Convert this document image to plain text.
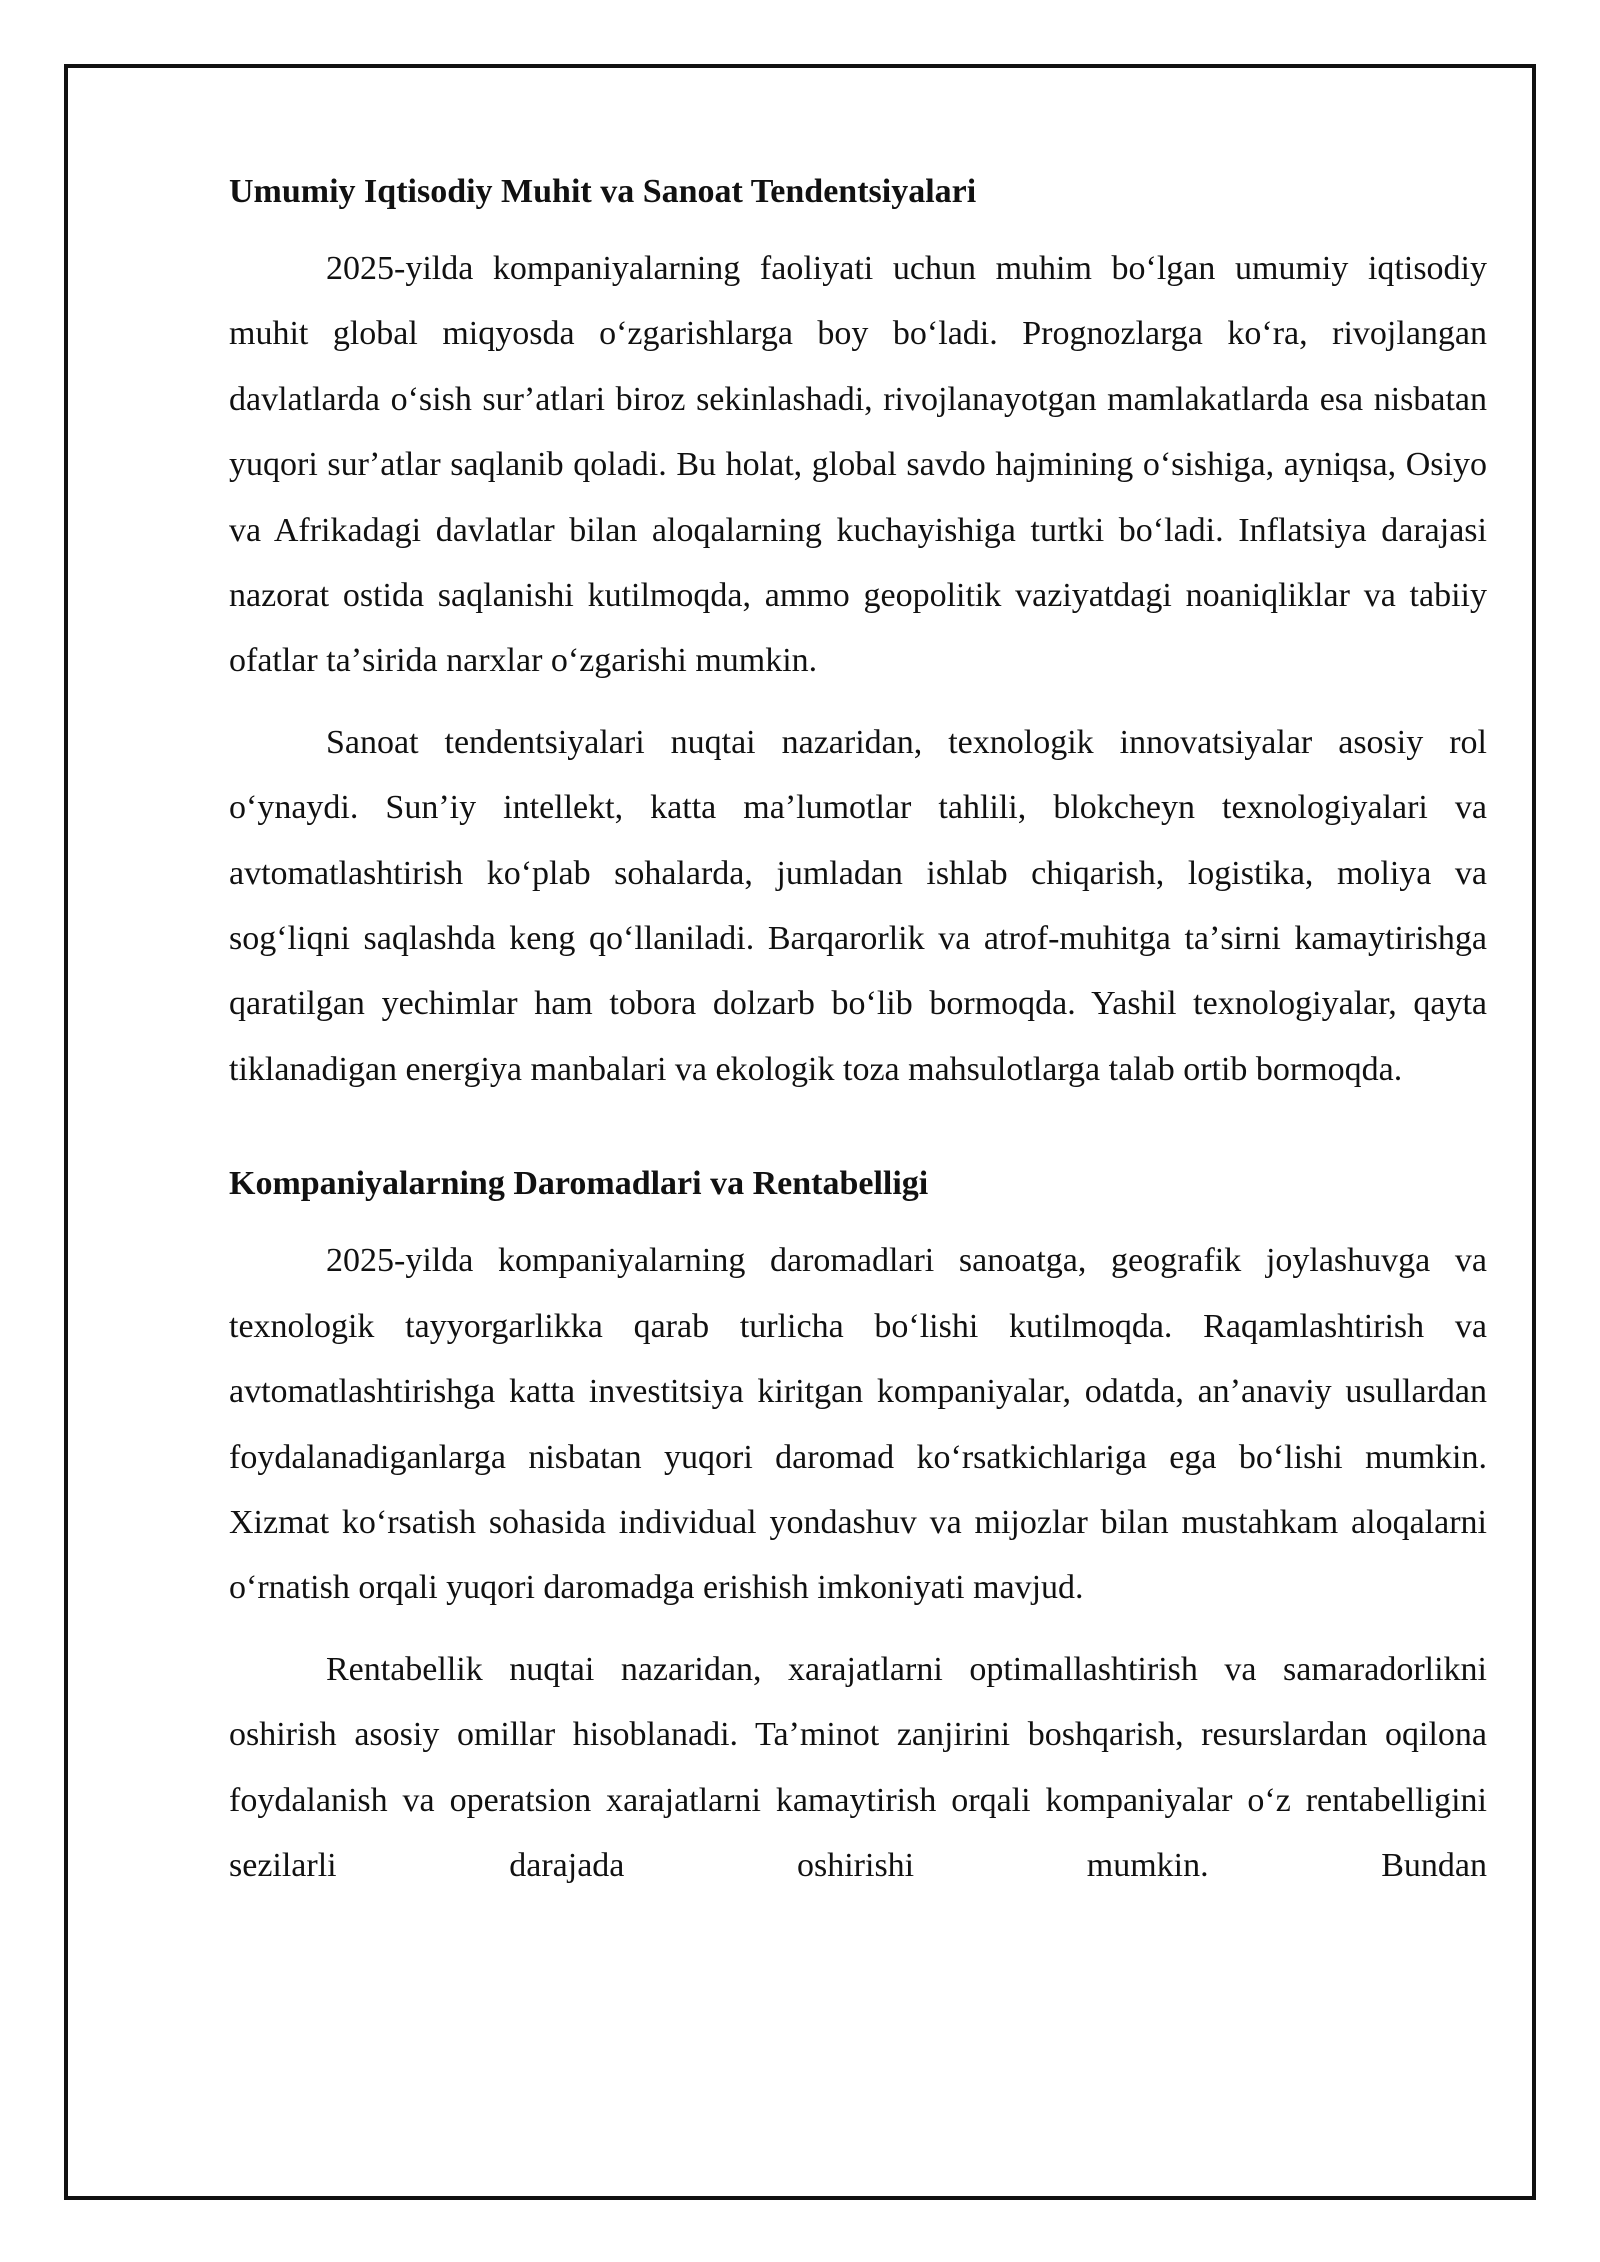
Umumiy Iqtisodiy Muhit va Sanoat Tendentsiyalari

2025-yilda kompaniyalarning faoliyati uchun muhim boʻlgan umumiy iqtisodiy muhit global miqyosda oʻzgarishlarga boy boʻladi. Prognozlarga koʻra, rivojlangan davlatlarda oʻsish surʼatlari biroz sekinlashadi, rivojlanayotgan mamlakatlarda esa nisbatan yuqori surʼatlar saqlanib qoladi. Bu holat, global savdo hajmining oʻsishiga, ayniqsa, Osiyo va Afrikadagi davlatlar bilan aloqalarning kuchayishiga turtki boʻladi. Inflatsiya darajasi nazorat ostida saqlanishi kutilmoqda, ammo geopolitik vaziyatdagi noaniqliklar va tabiiy ofatlar taʼsirida narxlar oʻzgarishi mumkin.

Sanoat tendentsiyalari nuqtai nazaridan, texnologik innovatsiyalar asosiy rol oʻynaydi. Sunʼiy intellekt, katta maʼlumotlar tahlili, blokcheyn texnologiyalari va avtomatlashtirish koʻplab sohalarda, jumladan ishlab chiqarish, logistika, moliya va sogʻliqni saqlashda keng qoʻllaniladi. Barqarorlik va atrof-muhitga taʼsirni kamaytirishga qaratilgan yechimlar ham tobora dolzarb boʻlib bormoqda. Yashil texnologiyalar, qayta tiklanadigan energiya manbalari va ekologik toza mahsulotlarga talab ortib bormoqda.

Kompaniyalarning Daromadlari va Rentabelligi

2025-yilda kompaniyalarning daromadlari sanoatga, geografik joylashuvga va texnologik tayyorgarlikka qarab turlicha boʻlishi kutilmoqda. Raqamlashtirish va avtomatlashtirishga katta investitsiya kiritgan kompaniyalar, odatda, anʼanaviy usullardan foydalanadiganlarga nisbatan yuqori daromad koʻrsatkichlariga ega boʻlishi mumkin. Xizmat koʻrsatish sohasida individual yondashuv va mijozlar bilan mustahkam aloqalarni oʻrnatish orqali yuqori daromadga erishish imkoniyati mavjud.

Rentabellik nuqtai nazaridan, xarajatlarni optimallashtirish va samaradorlikni oshirish asosiy omillar hisoblanadi. Taʼminot zanjirini boshqarish, resurslardan oqilona foydalanish va operatsion xarajatlarni kamaytirish orqali kompaniyalar oʻz rentabelligini sezilarli darajada oshirishi mumkin. Bundan
